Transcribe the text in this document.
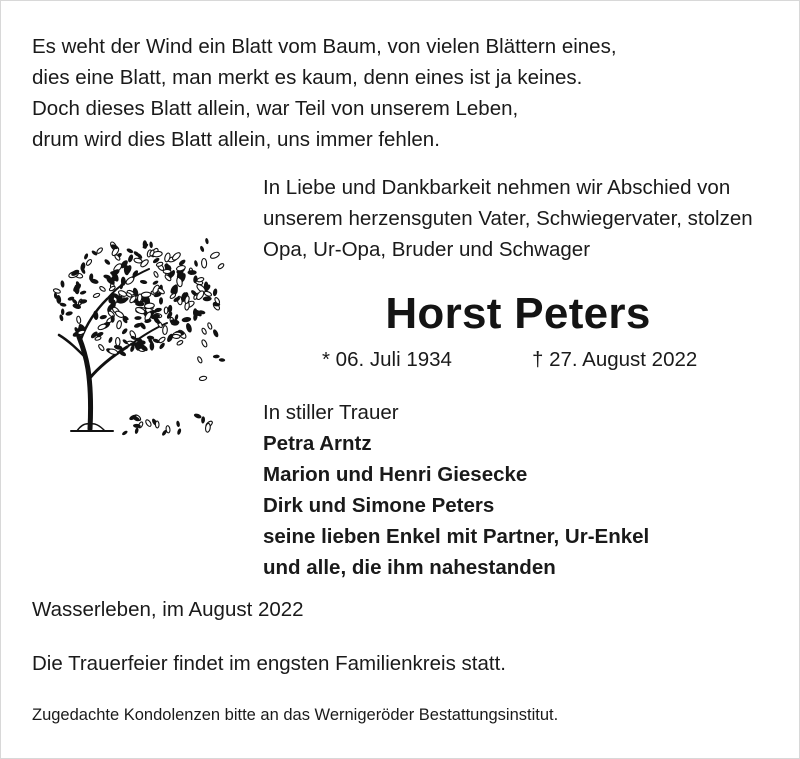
Es weht der Wind ein Blatt vom Baum, von vielen Blättern eines,
dies eine Blatt, man merkt es kaum, denn eines ist ja keines.
Doch dieses Blatt allein, war Teil von unserem Leben,
drum wird dies Blatt allein, uns immer fehlen.
In Liebe und Dankbarkeit nehmen wir Abschied von
unserem herzensguten Vater, Schwiegervater, stolzen
Opa, Ur-Opa, Bruder und Schwager
Horst Peters
* 06. Juli 1934	† 27. August 2022
In stiller Trauer
Petra Arntz
Marion und Henri Giesecke
Dirk und Simone Peters
seine lieben Enkel mit Partner, Ur-Enkel
und alle, die ihm nahestanden
Wasserleben, im August 2022
Die Trauerfeier findet im engsten Familienkreis statt.
Zugedachte Kondolenzen bitte an das Wernigeröder Bestattungsinstitut.
